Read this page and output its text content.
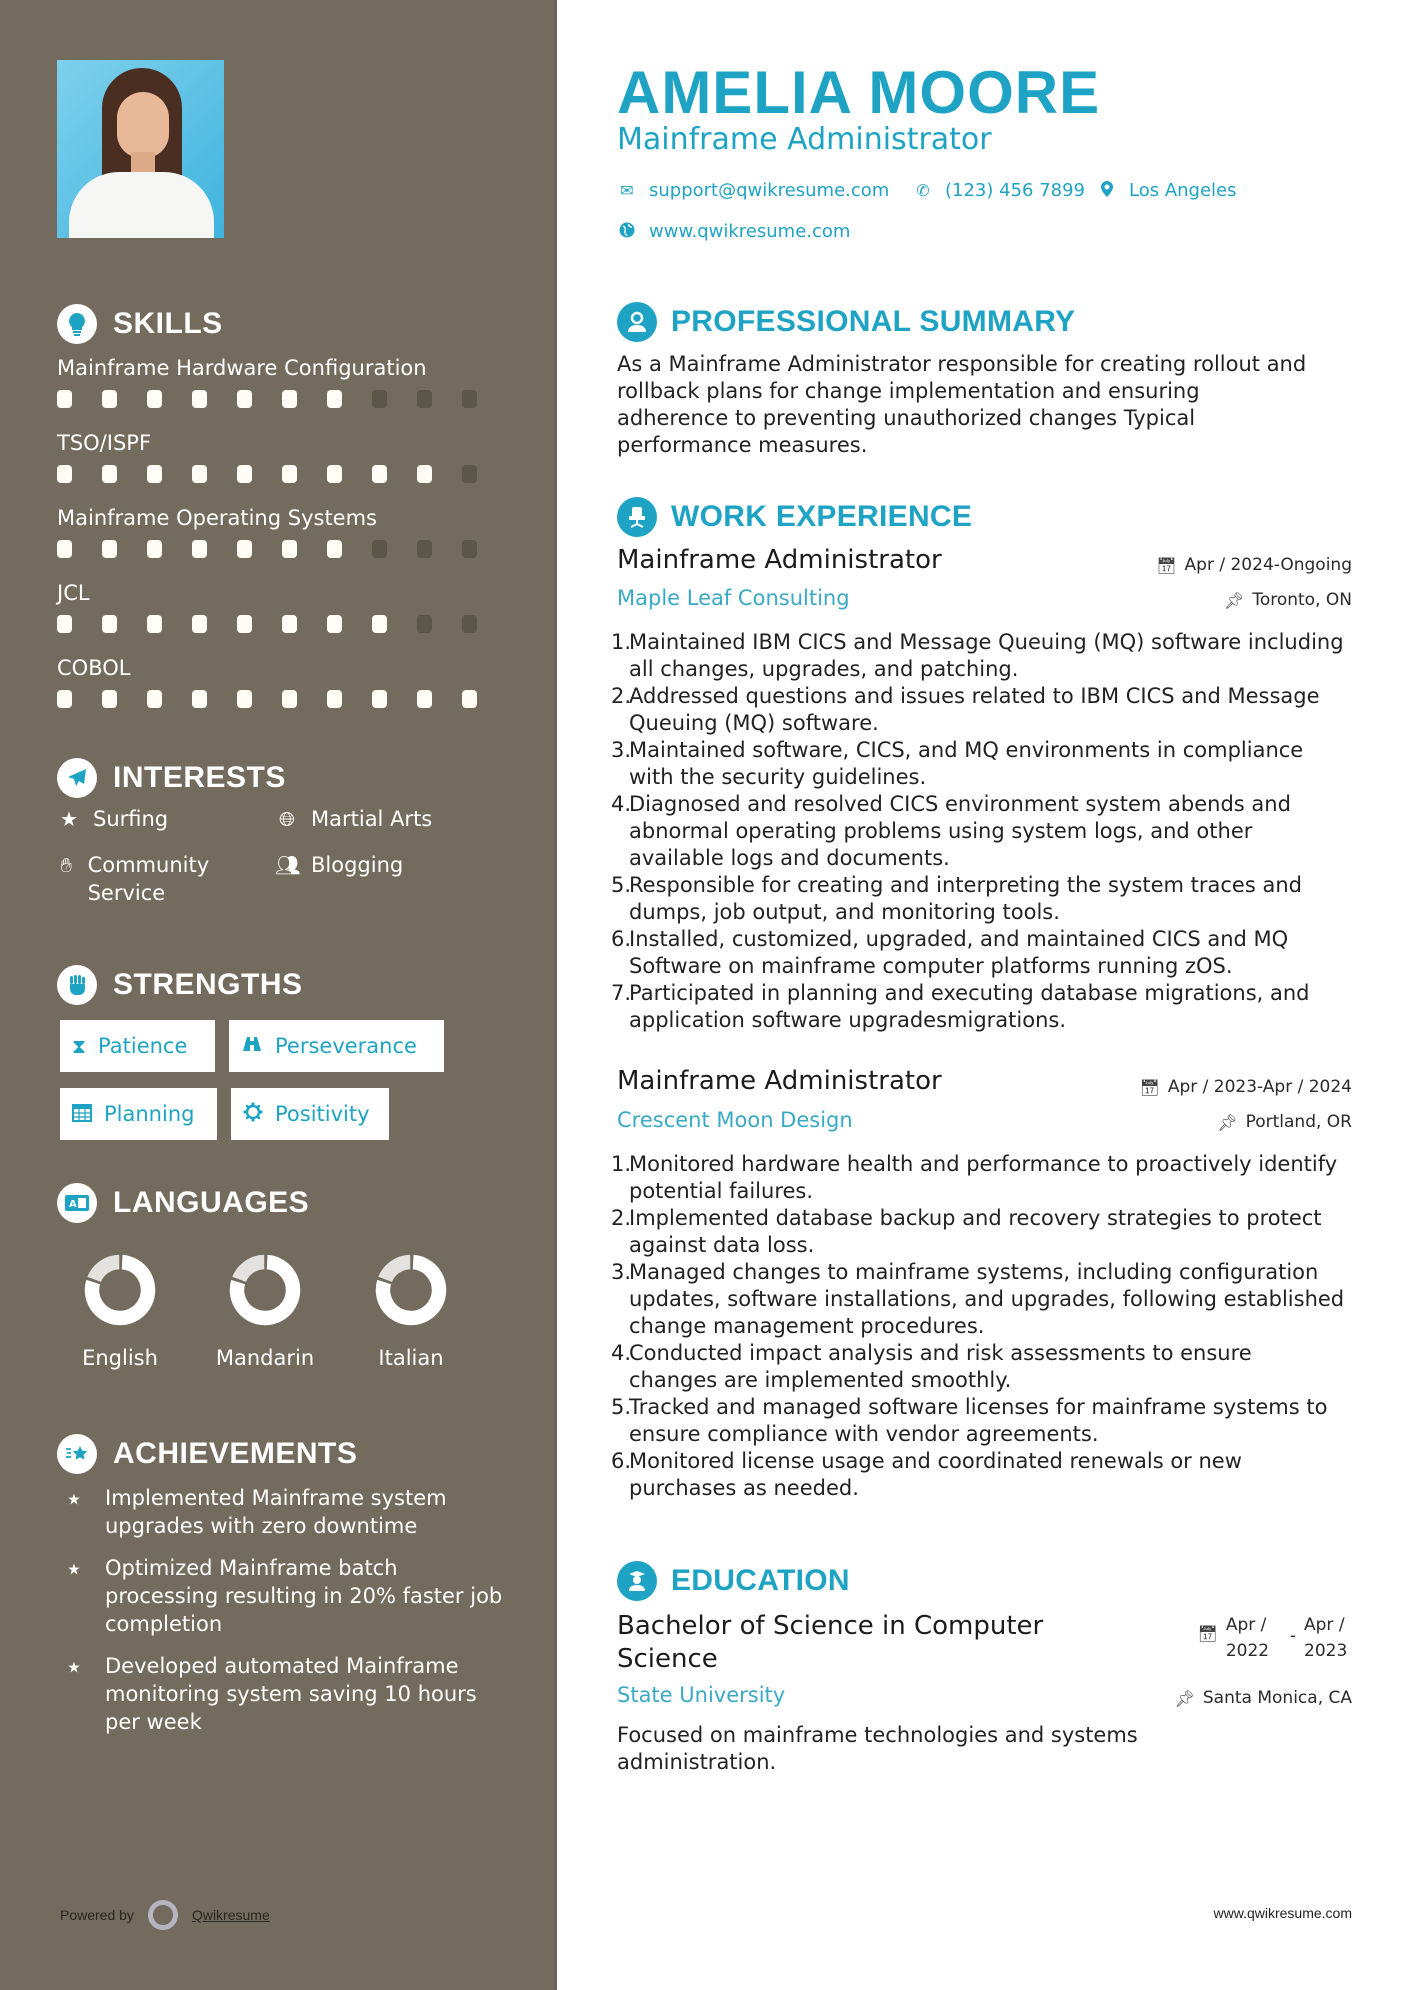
SKILLS
Mainframe Hardware Configuration
TSO/ISPF
Mainframe Operating Systems
JCL
COBOL
INTERESTS
★ Surfing	🌐︎ Martial Arts
✋︎ Community Service
👥︎ Blogging
STRENGTHS
⧗ Patience	Perseverance
Planning	Positivity
A LANGUAGES
English	Mandarin	Italian
ACHIEVEMENTS
⭑	Implemented Mainframe system upgrades with zero downtime
⭑	Optimized Mainframe batch processing resulting in 20% faster job completion
⭑	Developed automated Mainframe monitoring system saving 10 hours per week
Powered by	Qwikresume
AMELIA MOORE
Mainframe Administrator
✉ support@qwikresume.com ✆ (123) 456 7899 Los Angeles
www.qwikresume.com
PROFESSIONAL SUMMARY

As a Mainframe Administrator responsible for creating rollout and rollback plans for change implementation and ensuring adherence to preventing unauthorized changes Typical performance measures.

WORK EXPERIENCE
Mainframe Administrator	📅︎ Apr / 2024-Ongoing
Maple Leaf Consulting	📌︎ Toronto, ON
1.
Maintained IBM CICS and Message Queuing (MQ) software including all changes, upgrades, and patching.
2.
Addressed questions and issues related to IBM CICS and Message Queuing (MQ) software.
3.
Maintained software, CICS, and MQ environments in compliance with the security guidelines.
4.
Diagnosed and resolved CICS environment system abends and abnormal operating problems using system logs, and other available logs and documents.
5.
Responsible for creating and interpreting the system traces and dumps, job output, and monitoring tools.
6.
Installed, customized, upgraded, and maintained CICS and MQ Software on mainframe computer platforms running zOS.
7.
Participated in planning and executing database migrations, and application software upgradesmigrations.
Mainframe Administrator	📅︎ Apr / 2023-Apr / 2024
Crescent Moon Design	📌︎ Portland, OR
1.
Monitored hardware health and performance to proactively identify potential failures.
2.
Implemented database backup and recovery strategies to protect against data loss.
3.
Managed changes to mainframe systems, including configuration updates, software installations, and upgrades, following established change management procedures.
4.
Conducted impact analysis and risk assessments to ensure changes are implemented smoothly.
5.
Tracked and managed software licenses for mainframe systems to ensure compliance with vendor agreements.
6.
Monitored license usage and coordinated renewals or new purchases as needed.
EDUCATION
Bachelor of Science in Computer
Science
📅︎ Apr /
2022
-
Apr /
2023
State University	📌︎ Santa Monica, CA

Focused on mainframe technologies and systems administration.

www.qwikresume.com
